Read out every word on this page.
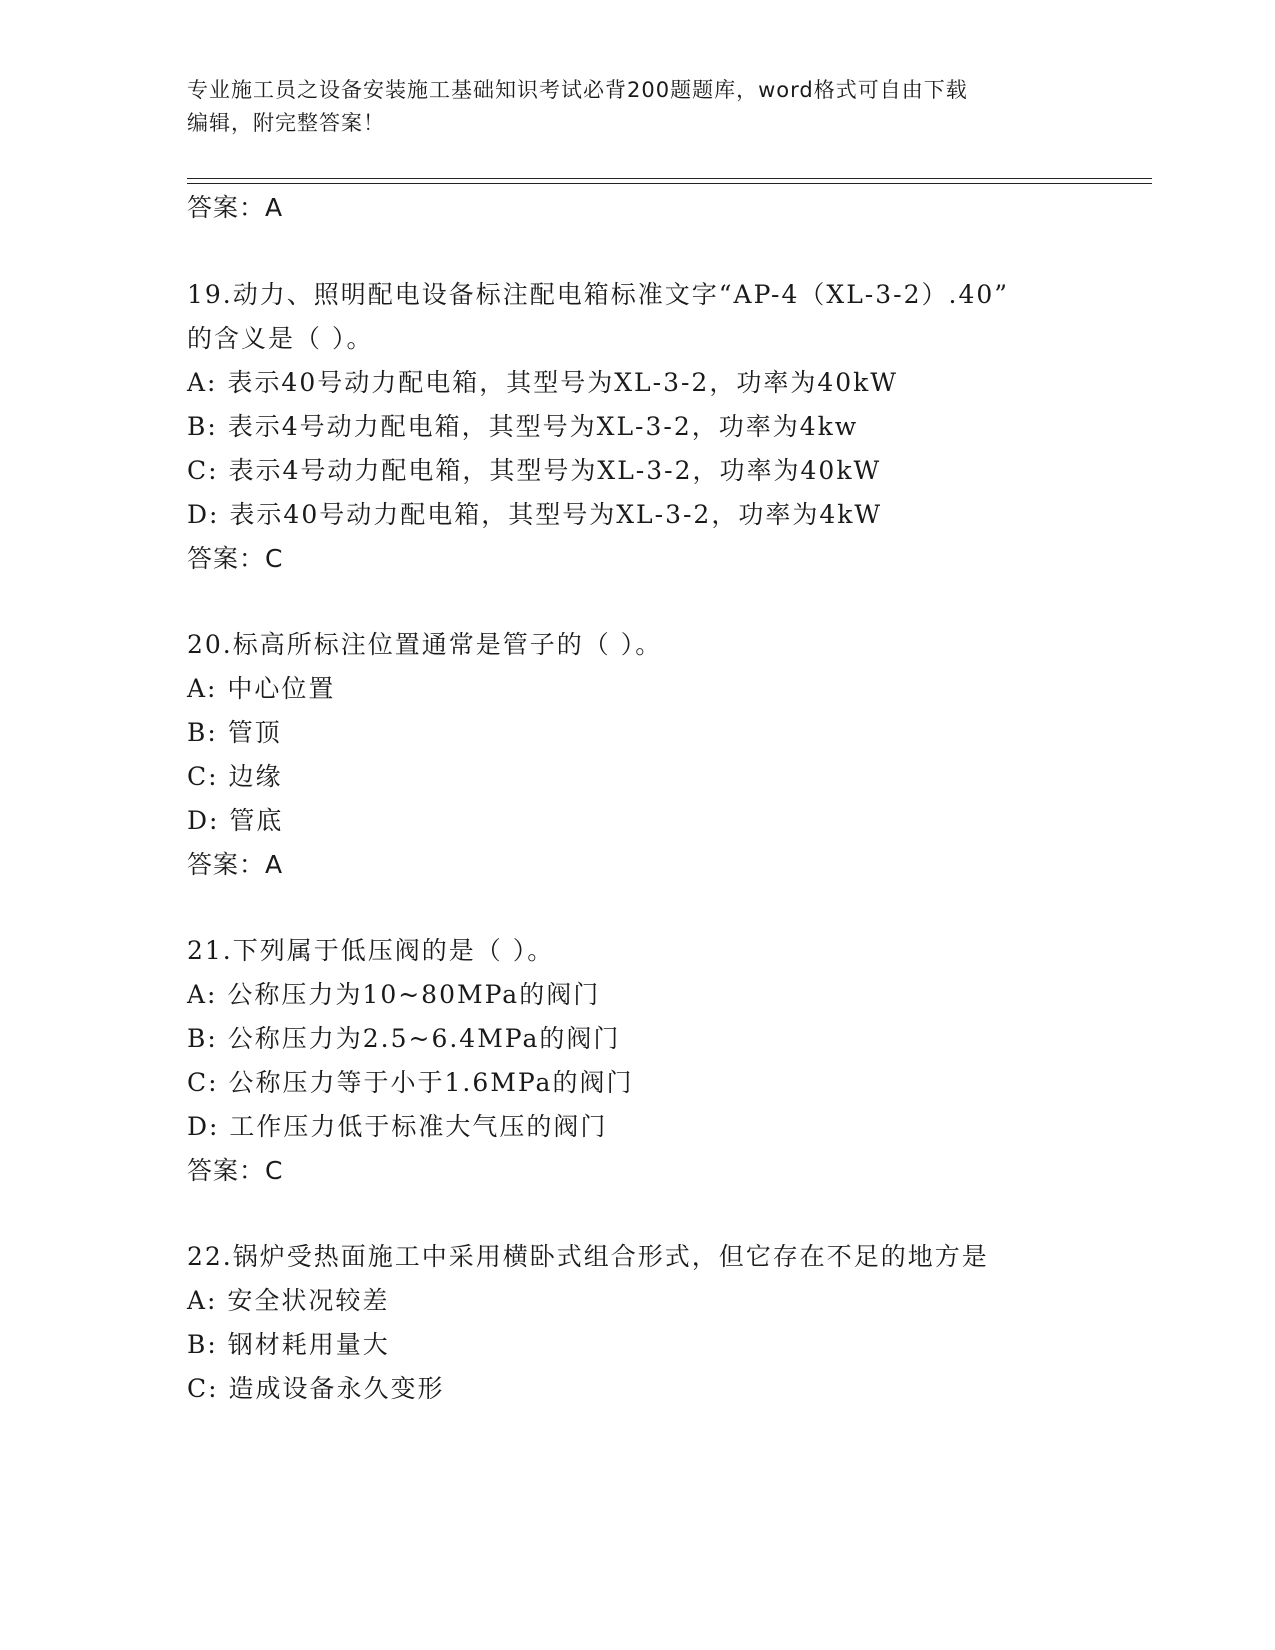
专业施工员之设备安装施工基础知识考试必背200题题库，word格式可自由下载
编辑，附完整答案！
答案：A
19.动力、照明配电设备标注配电箱标准文字“AP-4（XL-3-2）.40”
的含义是（ ）。
A: 表示40号动力配电箱，其型号为XL-3-2，功率为40kW
B: 表示4号动力配电箱，其型号为XL-3-2，功率为4kw
C: 表示4号动力配电箱，其型号为XL-3-2，功率为40kW
D: 表示40号动力配电箱，其型号为XL-3-2，功率为4kW
答案：C
20.标高所标注位置通常是管子的（ ）。
A: 中心位置
B: 管顶
C: 边缘
D: 管底
答案：A
21.下列属于低压阀的是（ ）。
A: 公称压力为10~80MPa的阀门
B: 公称压力为2.5~6.4MPa的阀门
C: 公称压力等于小于1.6MPa的阀门
D: 工作压力低于标准大气压的阀门
答案：C
22.锅炉受热面施工中采用横卧式组合形式，但它存在不足的地方是
A: 安全状况较差
B: 钢材耗用量大
C: 造成设备永久变形
